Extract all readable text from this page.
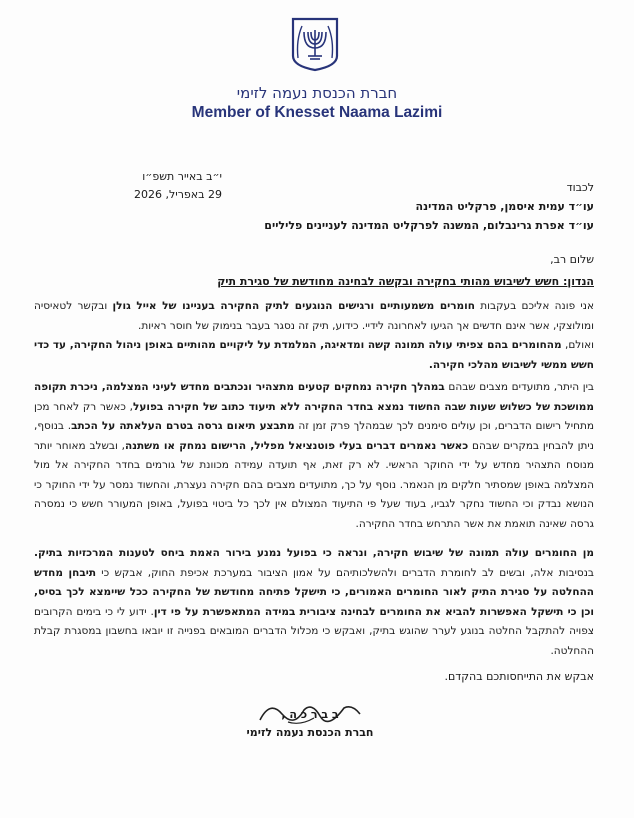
חברת הכנסת נעמה לזימי
Member of Knesset Naama Lazimi
י״ב באייר תשפ״ו
29 באפריל, 2026
לכבוד
עו״ד עמית איסמן, פרקליט המדינה
עו״ד אפרת גרינבלום, המשנה לפרקליט המדינה לעניינים פליליים
שלום רב,
הנדון: חשש לשיבוש מהותי בחקירה ובקשה לבחינה מחודשת של סגירת תיק
אני פונה אליכם בעקבות חומרים משמעותיים ורגישים הנוגעים לתיק החקירה בעניינו של אייל גולן ובקשר לטאיסיה ומולוצקי, אשר אינם חדשים אך הגיעו לאחרונה לידיי. כידוע, תיק זה נסגר בעבר בנימוק של חוסר ראיות.
ואולם, מהחומרים בהם צפיתי עולה תמונה קשה ומדאיגה, המלמדת על ליקויים מהותיים באופן ניהול החקירה, עד כדי חשש ממשי לשיבוש מהלכי חקירה.
בין היתר, מתועדים מצבים שבהם במהלך חקירה נמחקים קטעים מתצהיר ונכתבים מחדש לעיני המצלמה, ניכרת תקופה ממושכת של כשלוש שעות שבה החשוד נמצא בחדר החקירה ללא תיעוד כתוב של חקירה בפועל, כאשר רק לאחר מכן מתחיל רישום הדברים, וכן עולים סימנים לכך שבמהלך פרק זמן זה מתבצע תיאום גרסה בטרם העלאתה על הכתב. בנוסף, ניתן להבחין במקרים שבהם כאשר נאמרים דברים בעלי פוטנציאל מפליל, הרישום נמחק או משתנה, ובשלב מאוחר יותר מנוסח התצהיר מחדש על ידי החוקר הראשי. לא רק זאת, אף תועדה עמידה מכוונת של גורמים בחדר החקירה אל מול המצלמה באופן שמסתיר חלקים מן הנאמר. נוסף על כך, מתועדים מצבים בהם חקירה נעצרת, והחשוד נמסר על ידי החוקר כי הנושא נבדק וכי החשוד נחקר לגביו, בעוד שעל פי התיעוד המצולם אין לכך כל ביטוי בפועל, באופן המעורר חשש כי נמסרה גרסה שאינה תואמת את אשר התרחש בחדר החקירה.
מן החומרים עולה תמונה של שיבוש חקירה, ונראה כי בפועל נמנע בירור האמת ביחס לטענות המרכזיות בתיק. בנסיבות אלה, ובשים לב לחומרת הדברים ולהשלכותיהם על אמון הציבור במערכת אכיפת החוק, אבקש כי תיבחן מחדש ההחלטה על סגירת התיק לאור החומרים האמורים, כי תישקל פתיחה מחודשת של החקירה ככל שיימצא לכך בסיס, וכן כי תישקל האפשרות להביא את החומרים לבחינה ציבורית במידה המתאפשרת על פי דין. ידוע לי כי בימים הקרובים צפויה להתקבל החלטה בנוגע לערר שהוגש בתיק, ואבקש כי מכלול הדברים המובאים בפנייה זו יובאו בחשבון במסגרת קבלת ההחלטה.
אבקש את התייחסותכם בהקדם.
ב ב ר כ ה ,
חברת הכנסת נעמה לזימי
